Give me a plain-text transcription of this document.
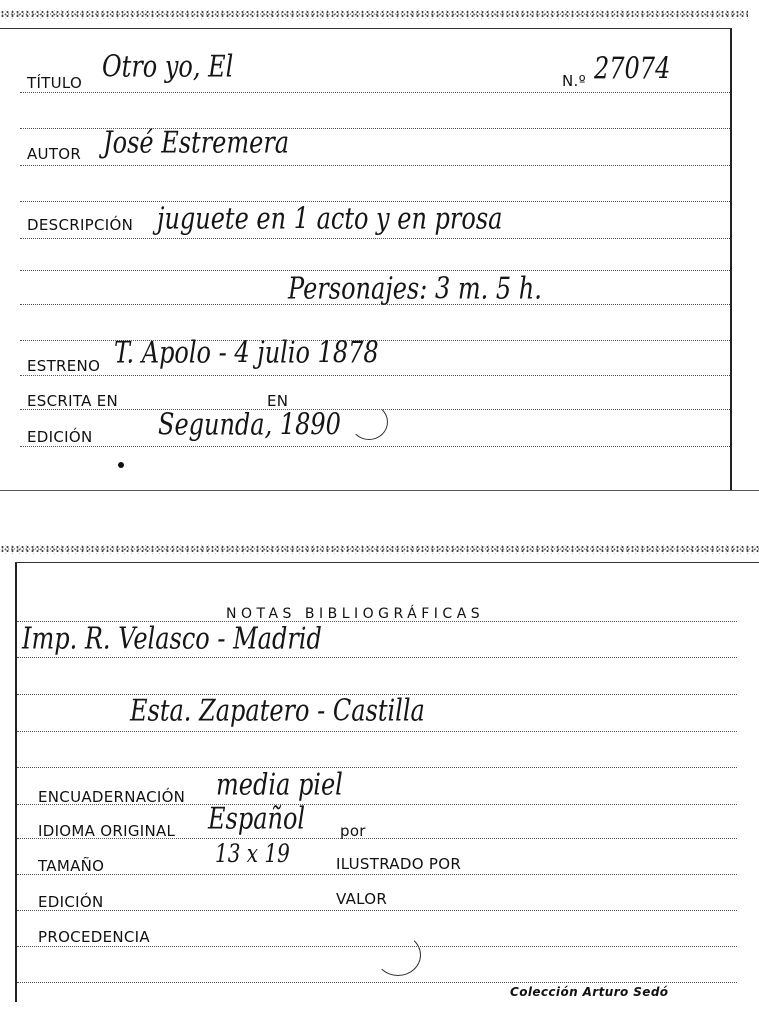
TÍTULO Otro yo, El	N.º 27074
AUTOR José Estremera
DESCRIPCIÓN juguete en 1 acto y en prosa
Personajes: 3 m. 5 h.
ESTRENO T. Apolo - 4 julio 1878
ESCRITA EN	EN
EDICIÓN	Segunda, 1890
NOTAS BIBLIOGRÁFICAS
Imp. R. Velasco - Madrid
Esta. Zapatero - Castilla
ENCUADERNACIÓN media piel
IDIOMA ORIGINAL Español por
TAMAÑO	13 x 19	ILUSTRADO POR
EDICIÓN	VALOR
PROCEDENCIA
Colección Arturo Sedó
